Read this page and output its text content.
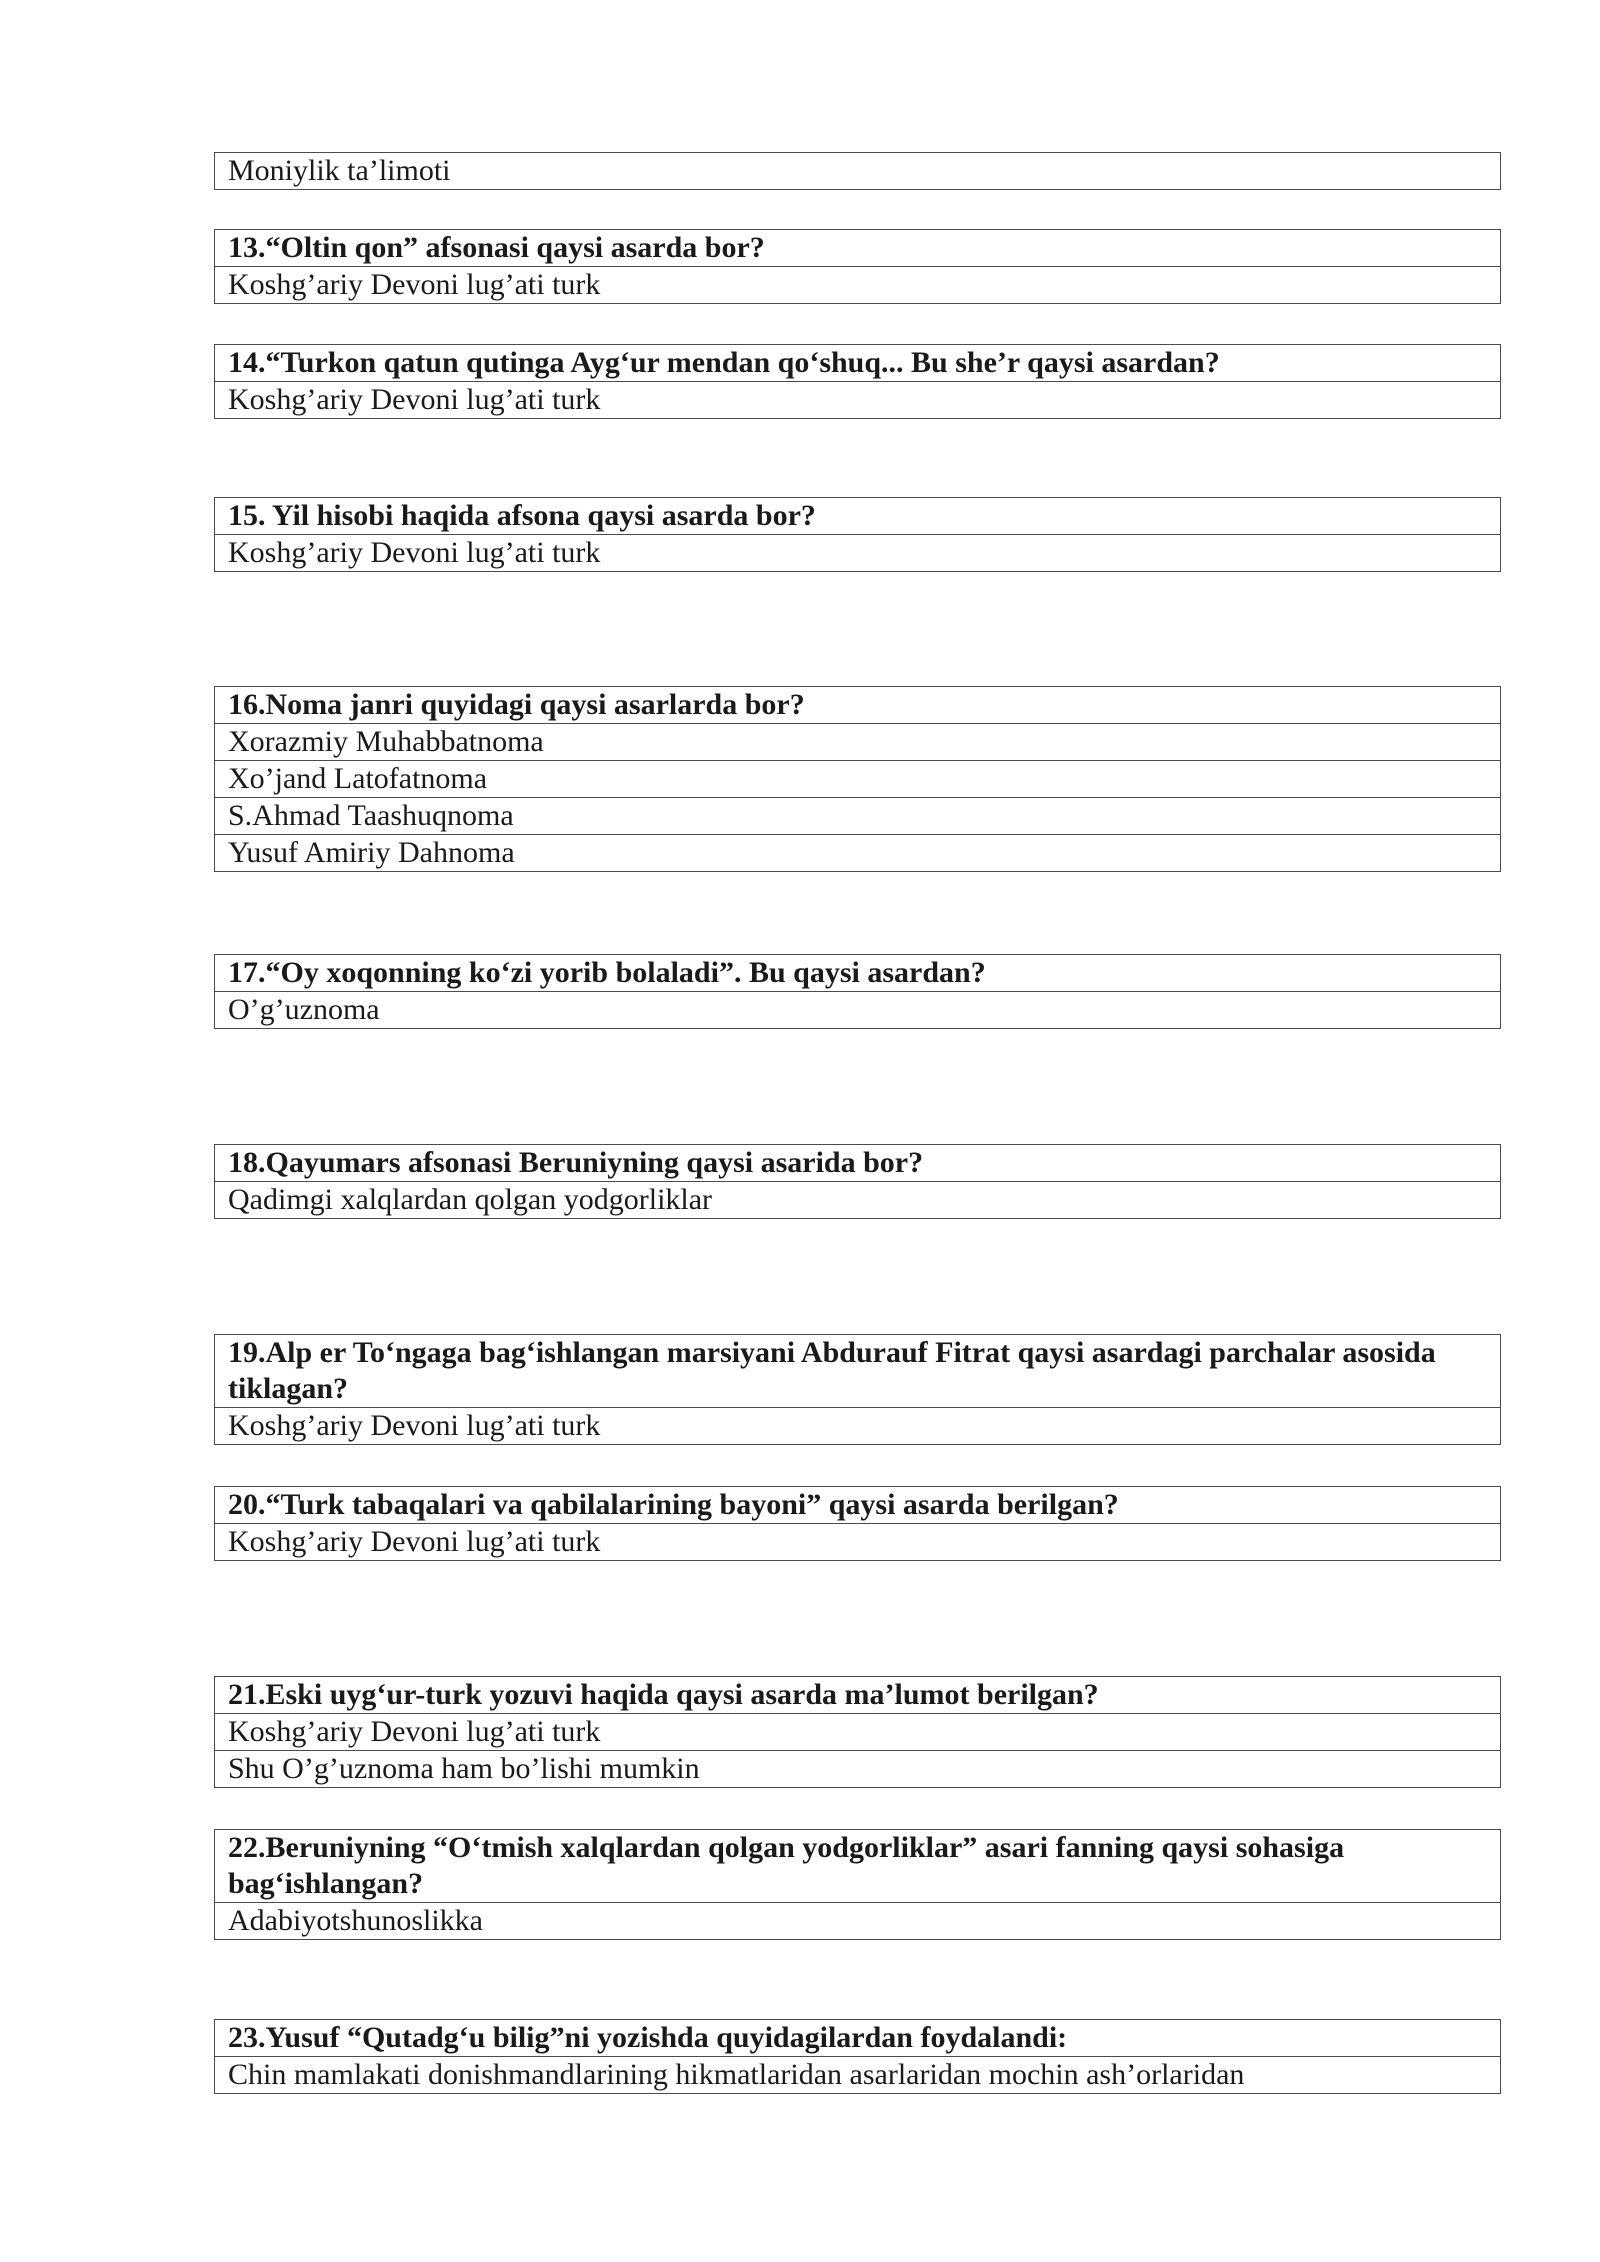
Moniylik ta’limoti
13.“Oltin qon” afsonasi qaysi asarda bor?
Koshg’ariy Devoni lug’ati turk
14.“Turkon qatun qutinga Ayg‘ur mendan qo‘shuq... Bu she’r qaysi asardan?
Koshg’ariy Devoni lug’ati turk
15. Yil hisobi haqida afsona qaysi asarda bor?
Koshg’ariy Devoni lug’ati turk
16.Noma janri quyidagi qaysi asarlarda bor?
Xorazmiy Muhabbatnoma
Xo’jand Latofatnoma
S.Ahmad Taashuqnoma
Yusuf Amiriy Dahnoma
17.“Oy xoqonning ko‘zi yorib bolaladi”. Bu qaysi asardan?
O’g’uznoma
18.Qayumars afsonasi Beruniyning qaysi asarida bor?
Qadimgi xalqlardan qolgan yodgorliklar
19.Alp er To‘ngaga bag‘ishlangan marsiyani Abdurauf Fitrat qaysi asardagi parchalar asosida tiklagan?
Koshg’ariy Devoni lug’ati turk
20.“Turk tabaqalari va qabilalarining bayoni” qaysi asarda berilgan?
Koshg’ariy Devoni lug’ati turk
21.Eski uyg‘ur-turk yozuvi haqida qaysi asarda ma’lumot berilgan?
Koshg’ariy Devoni lug’ati turk
Shu O’g’uznoma ham bo’lishi mumkin
22.Beruniyning “O‘tmish xalqlardan qolgan yodgorliklar” asari fanning qaysi sohasiga bag‘ishlangan?
Adabiyotshunoslikka
23.Yusuf “Qutadg‘u bilig”ni yozishda quyidagilardan foydalandi:
Chin mamlakati donishmandlarining hikmatlaridan asarlaridan mochin ash’orlaridan
